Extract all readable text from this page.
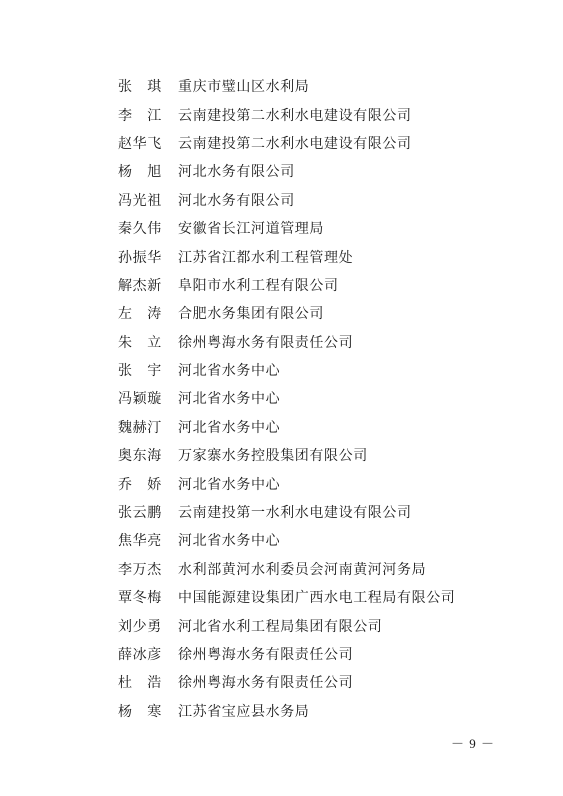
张　琪	重庆市璧山区水利局
李　江	云南建投第二水利水电建设有限公司
赵华飞	云南建投第二水利水电建设有限公司
杨　旭	河北水务有限公司
冯光祖	河北水务有限公司
秦久伟	安徽省长江河道管理局
孙振华	江苏省江都水利工程管理处
解杰新	阜阳市水利工程有限公司
左　涛	合肥水务集团有限公司
朱　立	徐州粤海水务有限责任公司
张　宇	河北省水务中心
冯颖璇	河北省水务中心
魏赫汀	河北省水务中心
奥东海	万家寨水务控股集团有限公司
乔　娇	河北省水务中心
张云鹏	云南建投第一水利水电建设有限公司
焦华亮	河北省水务中心
李万杰	水利部黄河水利委员会河南黄河河务局
覃冬梅	中国能源建设集团广西水电工程局有限公司
刘少勇	河北省水利工程局集团有限公司
薛冰彦	徐州粤海水务有限责任公司
杜　浩	徐州粤海水务有限责任公司
杨　寒	江苏省宝应县水务局
－ 9 －
